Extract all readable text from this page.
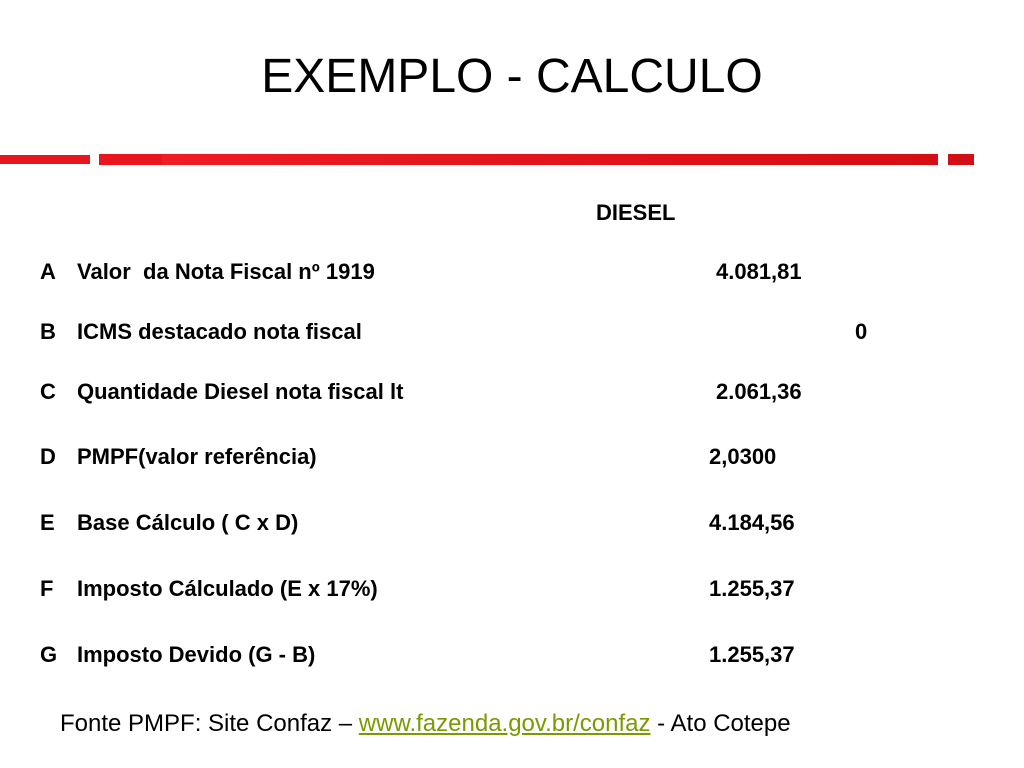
EXEMPLO - CALCULO
DIESEL
A Valor  da Nota Fiscal nº 1919	4.081,81
B ICMS destacado nota fiscal	0
C Quantidade Diesel nota fiscal lt	2.061,36
D PMPF(valor referência)	2,0300
E Base Cálculo ( C x D)	4.184,56
F Imposto Cálculado (E x 17%)	1.255,37
G Imposto Devido (G - B)	1.255,37
Fonte PMPF: Site Confaz – www.fazenda.gov.br/confaz - Ato Cotepe
